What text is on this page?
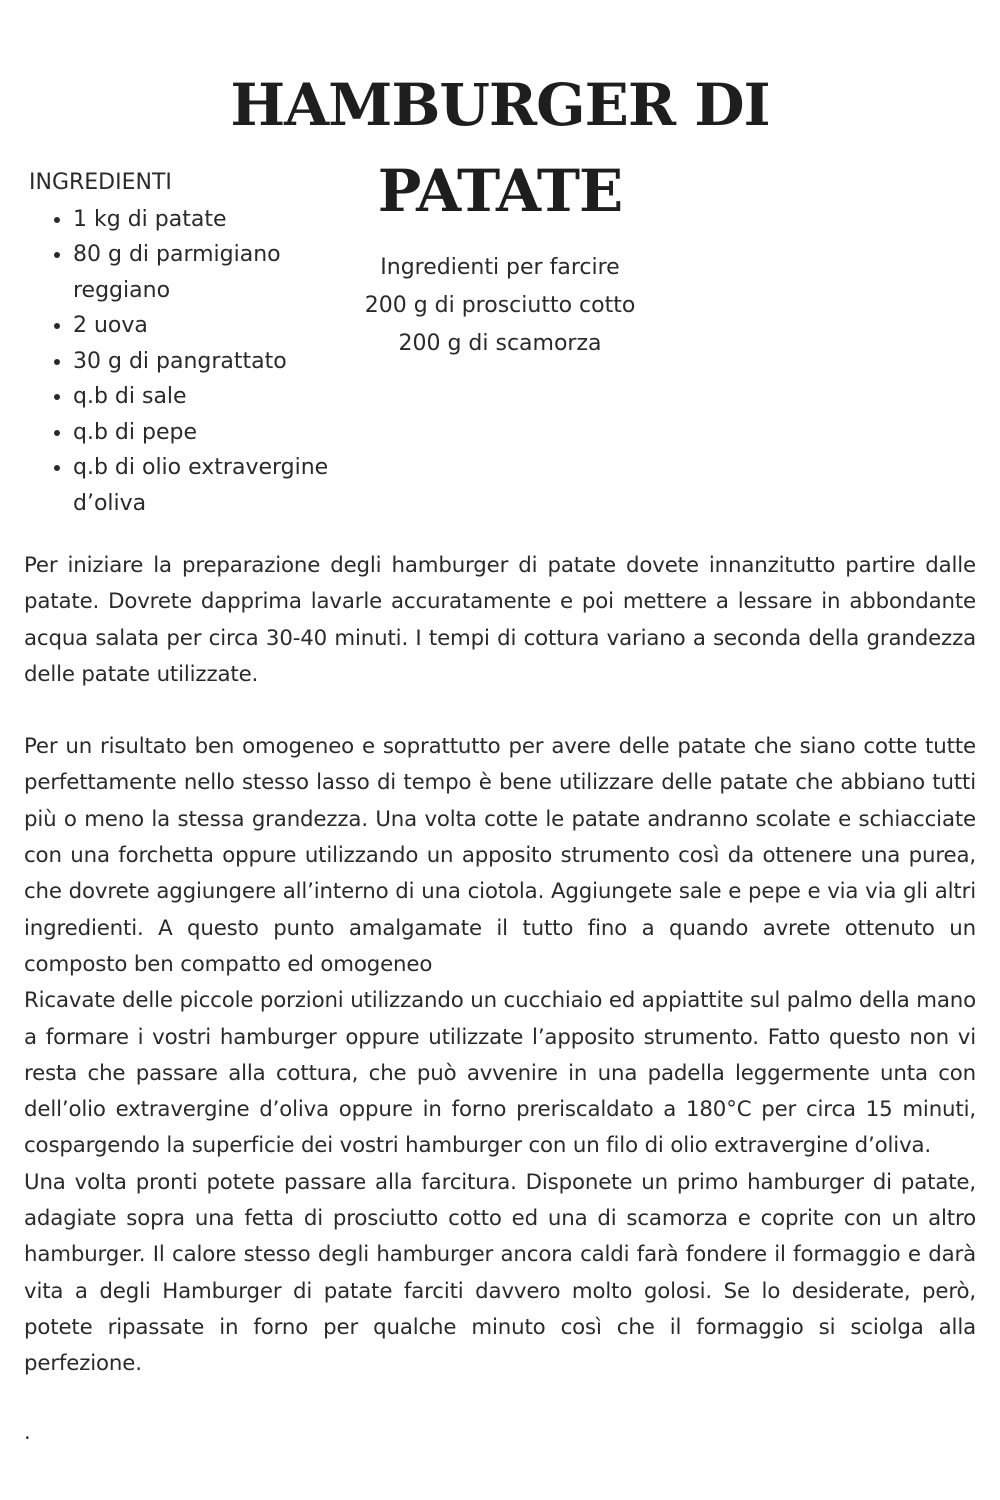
HAMBURGER DI
PATATE
INGREDIENTI
• 1 kg di patate
• 80 g di parmigiano reggiano
• 2 uova
• 30 g di pangrattato
• q.b di sale
• q.b di pepe
• q.b di olio extravergine d’oliva
Ingredienti per farcire
200 g di prosciutto cotto
200 g di scamorza

Per iniziare la preparazione degli hamburger di patate dovete innanzitutto partire dalle patate. Dovrete dapprima lavarle accuratamente e poi mettere a lessare in abbondante acqua salata per circa 30-40 minuti. I tempi di cottura variano a seconda della grandezza delle patate utilizzate.

Per un risultato ben omogeneo e soprattutto per avere delle patate che siano cotte tutte perfettamente nello stesso lasso di tempo è bene utilizzare delle patate che abbiano tutti più o meno la stessa grandezza. Una volta cotte le patate andranno scolate e schiacciate con una forchetta oppure utilizzando un apposito strumento così da ottenere una purea, che dovrete aggiungere all’interno di una ciotola. Aggiungete sale e pepe e via via gli altri ingredienti. A questo punto amalgamate il tutto fino a quando avrete ottenuto un composto ben compatto ed omogeneo

Ricavate delle piccole porzioni utilizzando un cucchiaio ed appiattite sul palmo della mano a formare i vostri hamburger oppure utilizzate l’apposito strumento. Fatto questo non vi resta che passare alla cottura, che può avvenire in una padella leggermente unta con dell’olio extravergine d’oliva oppure in forno preriscaldato a 180°C per circa 15 minuti, cospargendo la superficie dei vostri hamburger con un filo di olio extravergine d’oliva.

Una volta pronti potete passare alla farcitura. Disponete un primo hamburger di patate, adagiate sopra una fetta di prosciutto cotto ed una di scamorza e coprite con un altro hamburger. Il calore stesso degli hamburger ancora caldi farà fondere il formaggio e darà vita a degli Hamburger di patate farciti davvero molto golosi. Se lo desiderate, però, potete ripassate in forno per qualche minuto così che il formaggio si sciolga alla perfezione.

.
